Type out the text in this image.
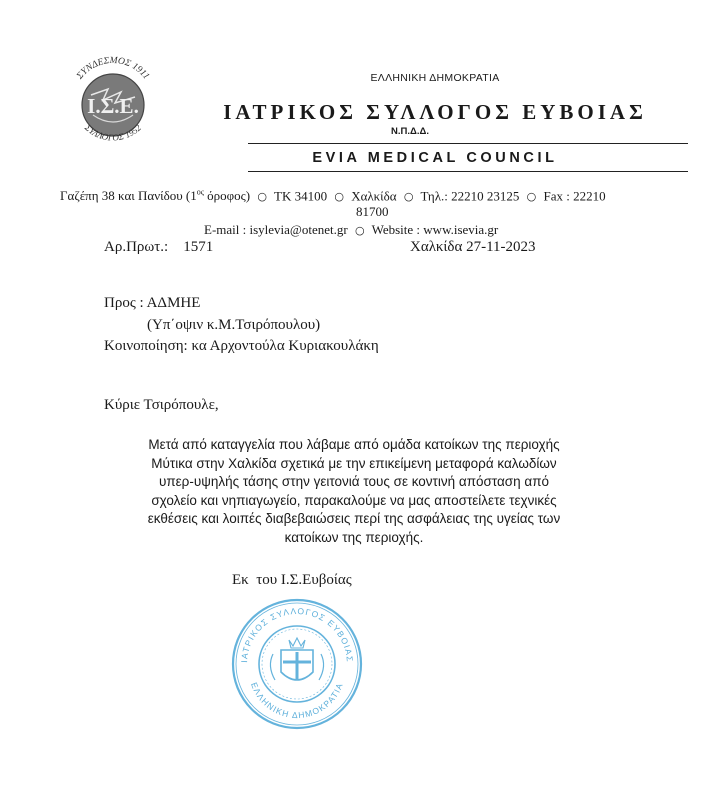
Ι.Σ.Ε.
ΣΥΝΔΕΣΜΟΣ 1911
ΣΥΛΛΟΓΟΣ 1952
ΕΛΛΗΝΙΚΗ ΔΗΜΟΚΡΑΤΙΑ
ΙΑΤΡΙΚΟΣ ΣΥΛΛΟΓΟΣ ΕΥΒΟΙΑΣ
Ν.Π.Δ.Δ.
EVIA MEDICAL COUNCIL
Γαζέπη 38 και Πανίδου ($1^{o\varsigma}$ όροφος) ○ ΤΚ 34100 ○ Χαλκίδα ○ Τηλ.: 22210 23125 ○ Fax : 22210
81700
E-mail : isylevia@otenet.gr ○ Website : www.isevia.gr
Αρ.Πρωτ.: 1571	Χαλκίδα 27-11-2023
Προς : ΑΔΜΗΕ
(Υπ΄οψιν κ.Μ.Τσιρόπουλου)
Κοινοποίηση: κα Αρχοντούλα Κυριακουλάκη
Κύριε Τσιρόπουλε,
Μετά από καταγγελία που λάβαμε από ομάδα κατοίκων της περιοχής
Μύτικα στην Χαλκίδα σχετικά με την επικείμενη μεταφορά καλωδίων
υπερ-υψηλής τάσης στην γειτονιά τους σε κοντινή απόσταση από
σχολείο και νηπιαγωγείο, παρακαλούμε να μας αποστείλετε τεχνικές
εκθέσεις και λοιπές διαβεβαιώσεις περί της ασφάλειας της υγείας των
κατοίκων της περιοχής.
Εκ  του Ι.Σ.Ευβοίας
ΙΑΤΡΙΚΟΣ ΣΥΛΛΟΓΟΣ ΕΥΒΟΙΑΣ
ΕΛΛΗΝΙΚΗ ΔΗΜΟΚΡΑΤΙΑ
